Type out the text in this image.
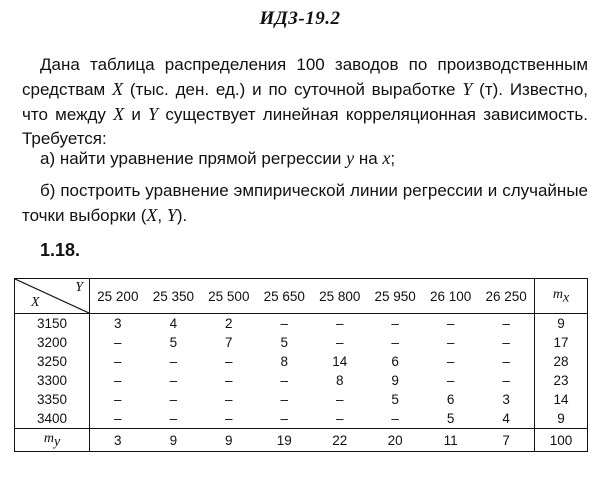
ИДЗ-19.2
Дана таблица распределения 100 заводов по производственным средствам X (тыс. ден. ед.) и по суточной выработке Y (т). Известно, что между X и Y существует линейная корреляционная зависимость. Требуется:
а) найти уравнение прямой регрессии y на x;
б) построить уравнение эмпирической линии регрессии и случайные точки выборки (X, Y).
1.18.
Y
X	25 200	25 350	25 500	25 650	25 800	25 950	26 100	26 250	$m_x$
3150	3	4	2	–	–	–	–	–	9
3200	–	5	7	5	–	–	–	–	17
3250	–	–	–	8	14	6	–	–	28
3300	–	–	–	–	8	9	–	–	23
3350	–	–	–	–	–	5	6	3	14
3400	–	–	–	–	–	–	5	4	9
$m_y$	3	9	9	19	22	20	11	7	100
